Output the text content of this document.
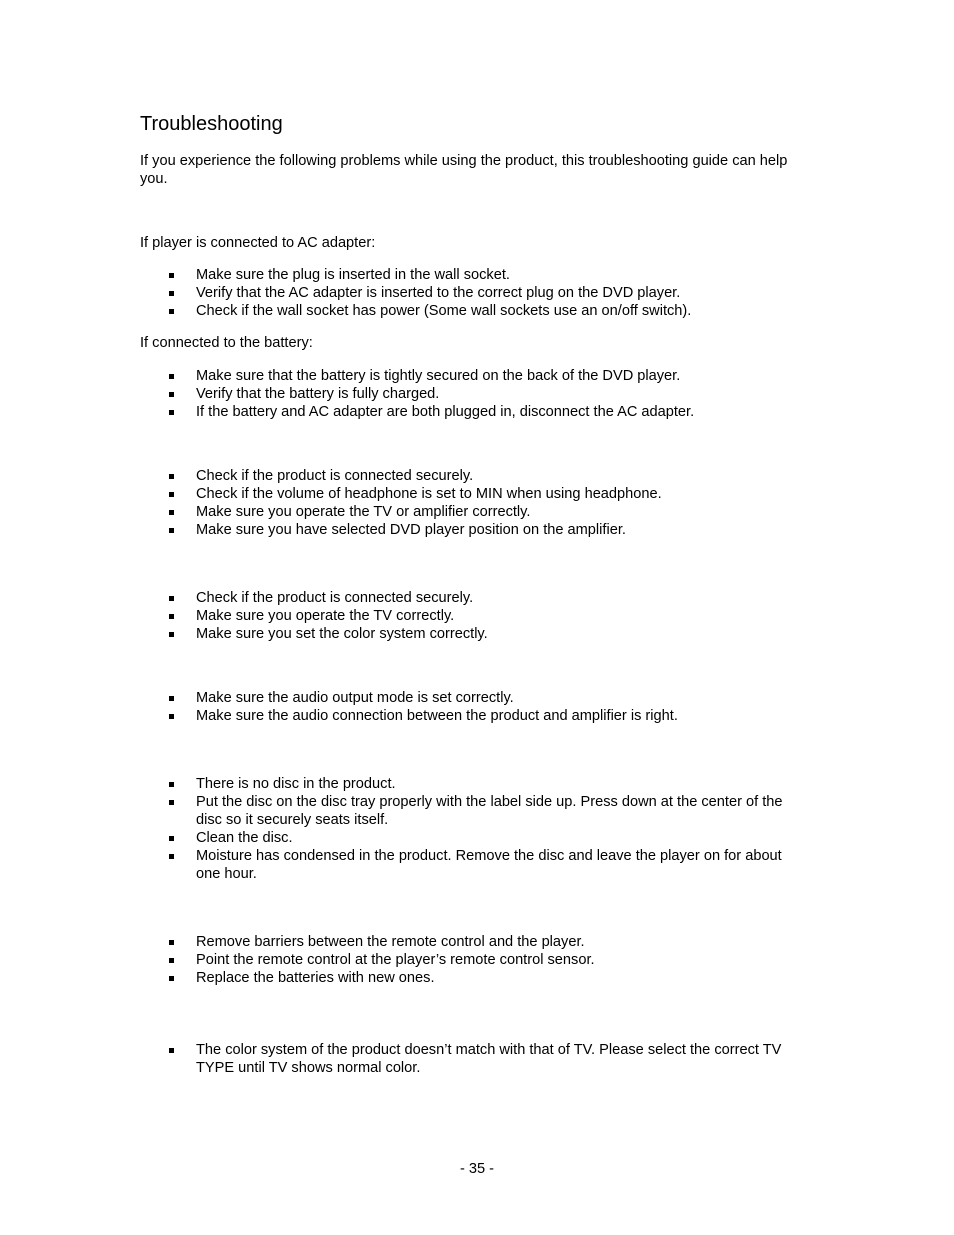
Troubleshooting

If you experience the following problems while using the product, this troubleshooting guide can help you.

If player is connected to AC adapter:

Make sure the plug is inserted in the wall socket.
Verify that the AC adapter is inserted to the correct plug on the DVD player.
Check if the wall socket has power (Some wall sockets use an on/off switch).

If connected to the battery:

Make sure that the battery is tightly secured on the back of the DVD player.
Verify that the battery is fully charged.
If the battery and AC adapter are both plugged in, disconnect the AC adapter.
Check if the product is connected securely.
Check if the volume of headphone is set to MIN when using headphone.
Make sure you operate the TV or amplifier correctly.
Make sure you have selected DVD player position on the amplifier.
Check if the product is connected securely.
Make sure you operate the TV correctly.
Make sure you set the color system correctly.
Make sure the audio output mode is set correctly.
Make sure the audio connection between the product and amplifier is right.
There is no disc in the product.
Put the disc on the disc tray properly with the label side up. Press down at the center of the disc so it securely seats itself.
Clean the disc.
Moisture has condensed in the product. Remove the disc and leave the player on for about one hour.
Remove barriers between the remote control and the player.
Point the remote control at the player’s remote control sensor.
Replace the batteries with new ones.
The color system of the product doesn’t match with that of TV. Please select the correct TV TYPE until TV shows normal color.
- 35 -
